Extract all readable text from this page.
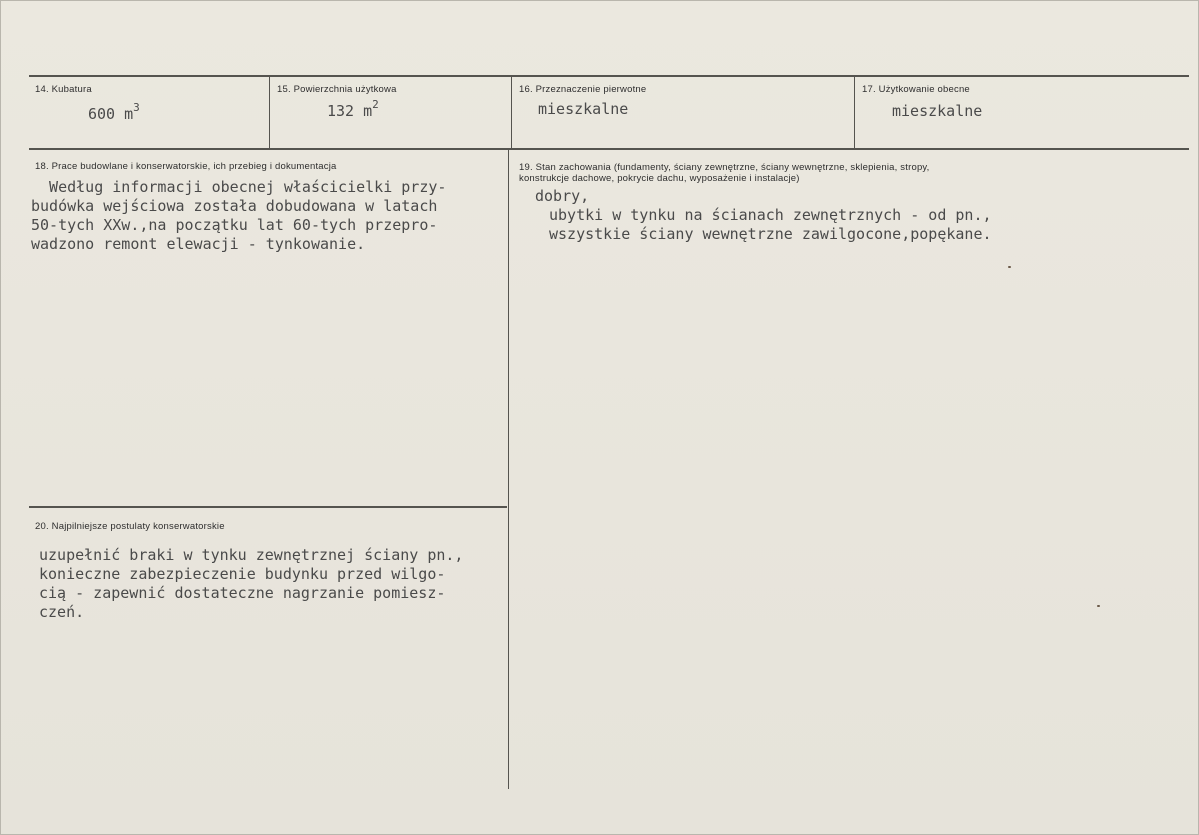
14. Kubatura
600 $m^3$
15. Powierzchnia użytkowa
132 $m^2$
16. Przeznaczenie pierwotne
mieszkalne
17. Użytkowanie obecne
mieszkalne
18. Prace budowlane i konserwatorskie, ich przebieg i dokumentacja
Według informacji obecnej właścicielki przy-
budówka wejściowa została dobudowana w latach
50-tych XXw.,na początku lat 60-tych przepro-
wadzono remont elewacji - tynkowanie.
19. Stan zachowania (fundamenty, ściany zewnętrzne, ściany wewnętrzne, sklepienia, stropy,
konstrukcje dachowe, pokrycie dachu, wyposażenie i instalacje)
dobry,
ubytki w tynku na ścianach zewnętrznych - od pn.,
wszystkie ściany wewnętrzne zawilgocone,popękane.
20. Najpilniejsze postulaty konserwatorskie
uzupełnić braki w tynku zewnętrznej ściany pn.,
konieczne zabezpieczenie budynku przed wilgo-
cią - zapewnić dostateczne nagrzanie pomiesz-
czeń.
